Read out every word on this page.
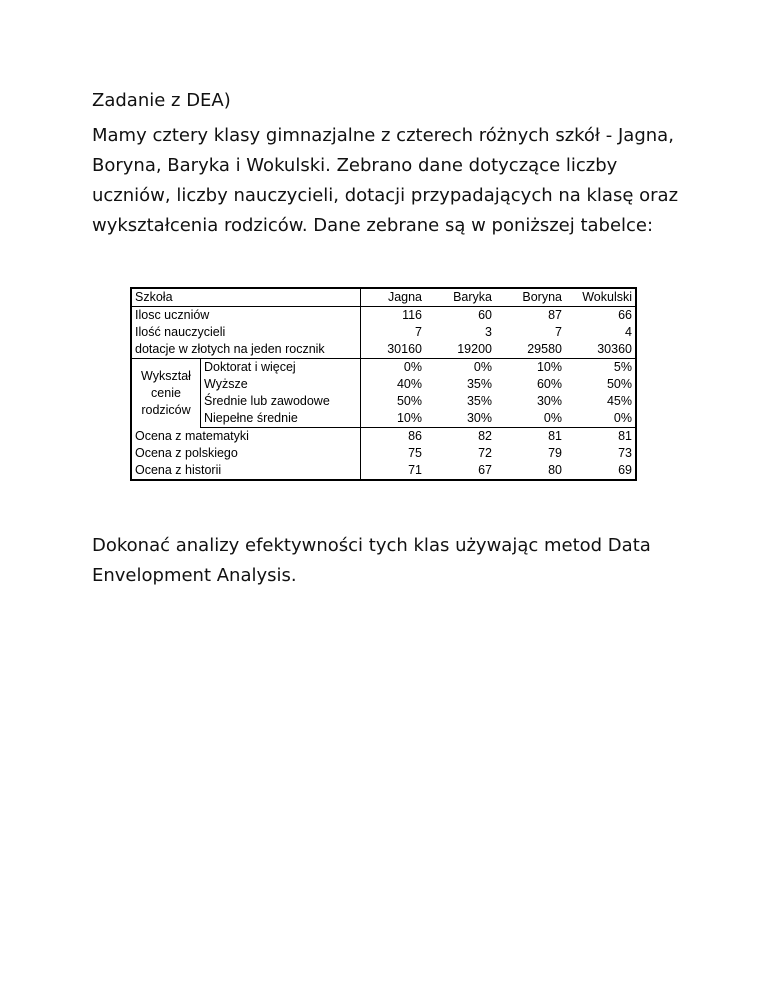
Zadanie z DEA)
Mamy cztery klasy gimnazjalne z czterech różnych szkół - Jagna, Boryna, Baryka i Wokulski. Zebrano dane dotyczące liczby uczniów, liczby nauczycieli, dotacji przypadających na klasę oraz wykształcenia rodziców. Dane zebrane są w poniższej tabelce:
Szkoła		Jagna	Baryka	Boryna	Wokulski
Ilosc uczniów		116	60	87	66
Ilość nauczycieli		7	3	7	4
dotacje w złotych na jeden rocznik		30160	19200	29580	30360
Wykształ
cenie
rodziców	Doktorat i więcej	0%	0%	10%	5%
	Wyższe	40%	35%	60%	50%
	Średnie lub zawodowe	50%	35%	30%	45%
	Niepełne średnie	10%	30%	0%	0%
Ocena z matematyki		86	82	81	81
Ocena z polskiego		75	72	79	73
Ocena z historii		71	67	80	69
Dokonać analizy efektywności tych klas używając metod Data Envelopment Analysis.
